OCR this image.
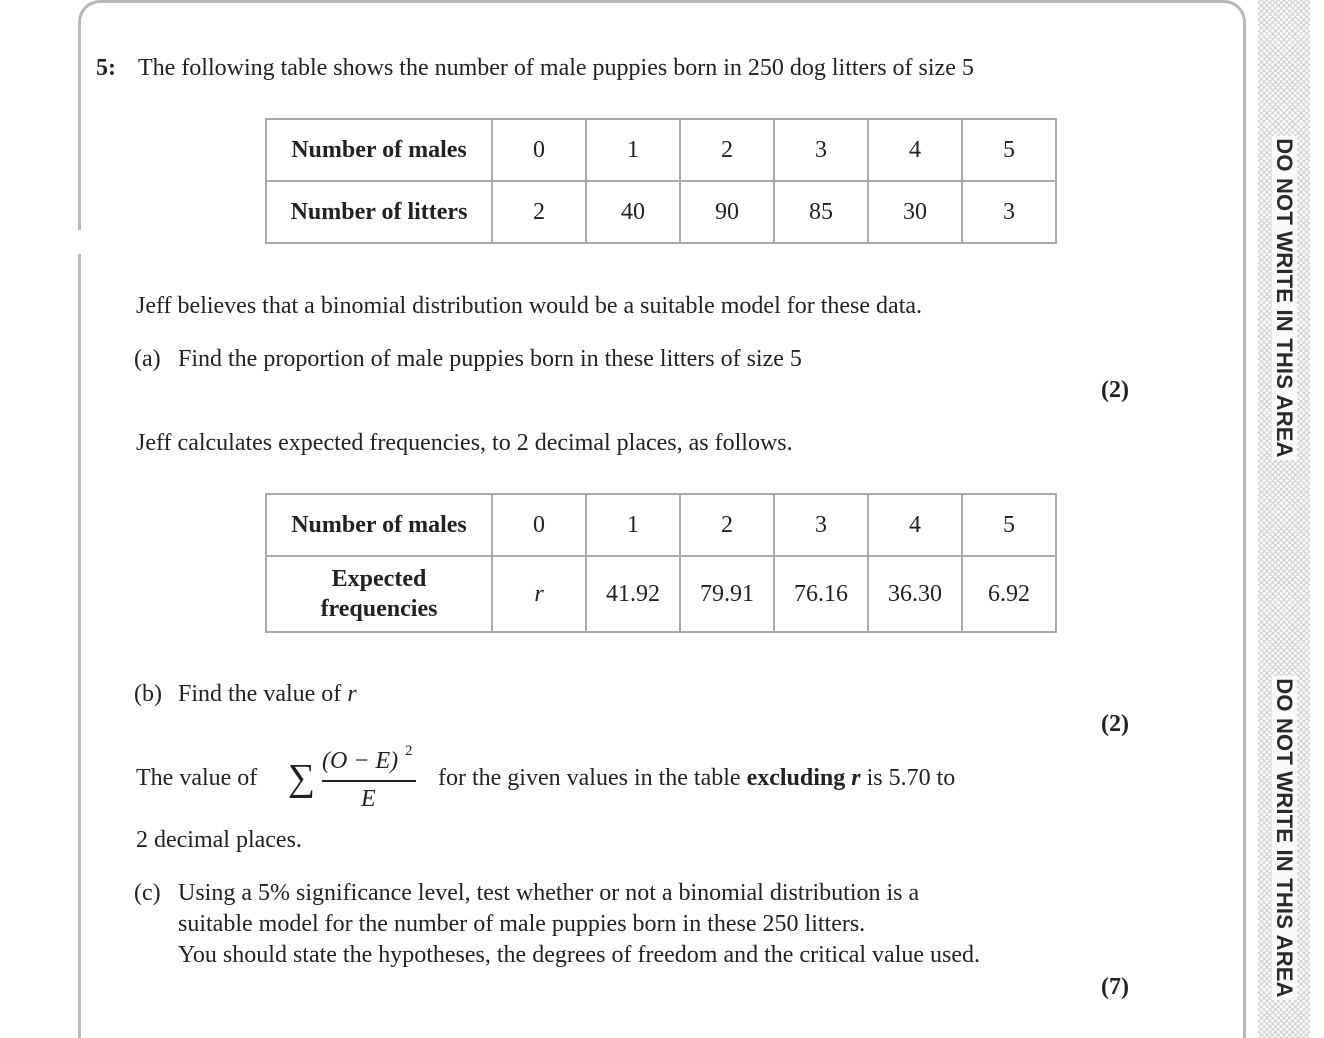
DO NOT WRITE IN THIS AREA
DO NOT WRITE IN THIS AREA
5: The following table shows the number of male puppies born in 250 dog litters of size 5
Number of males	0	1	2	3	4	5
Number of litters	2	40	90	85	30	3
Jeff believes that a binomial distribution would be a suitable model for these data.
(a) Find the proportion of male puppies born in these litters of size 5
(2)
Jeff calculates expected frequencies, to 2 decimal places, as follows.
Number of males	0	1	2	3	4	5

Expected
frequencies	r	41.92	79.91	76.16	36.30	6.92
(b) Find the value of r
(2)
The value of ∑ (O − E) 2
E
for the given values in the table excluding r is 5.70 to
2 decimal places.
(c) Using a 5% significance level, test whether or not a binomial distribution is a
suitable model for the number of male puppies born in these 250 litters.
You should state the hypotheses, the degrees of freedom and the critical value used.
(7)
